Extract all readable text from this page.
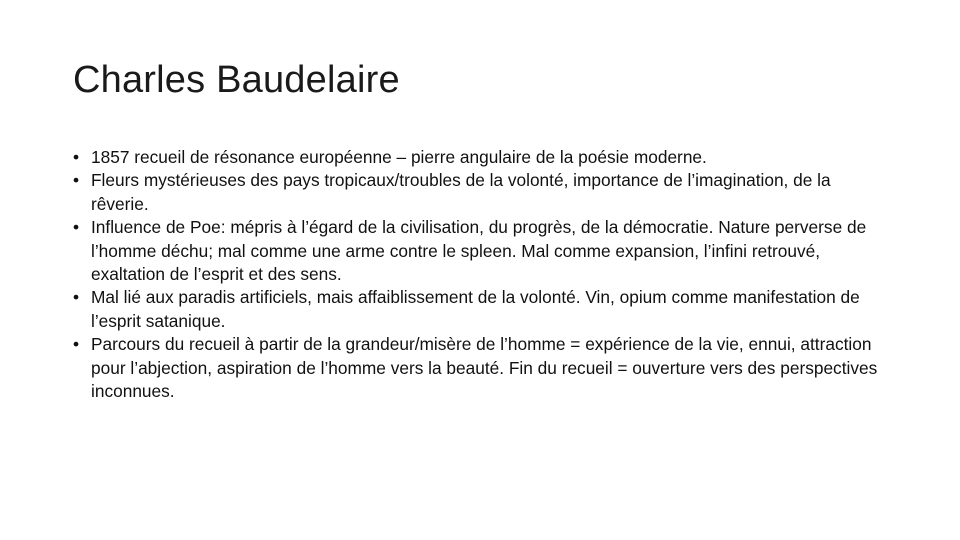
Charles Baudelaire
• 1857 recueil de résonance européenne – pierre angulaire de la poésie moderne.
• Fleurs mystérieuses des pays tropicaux/troubles de la volonté, importance de l’imagination, de la rêverie.
• Influence de Poe: mépris à l’égard de la civilisation, du progrès, de la démocratie. Nature perverse de l’homme déchu; mal comme une arme contre le spleen. Mal comme expansion, l’infini retrouvé, exaltation de l’esprit et des sens.
• Mal lié aux paradis artificiels, mais affaiblissement de la volonté. Vin, opium comme manifestation de l’esprit satanique.
• Parcours du recueil à partir de la grandeur/misère de l’homme = expérience de la vie, ennui, attraction pour l’abjection, aspiration de l’homme vers la beauté. Fin du recueil = ouverture vers des perspectives inconnues.
